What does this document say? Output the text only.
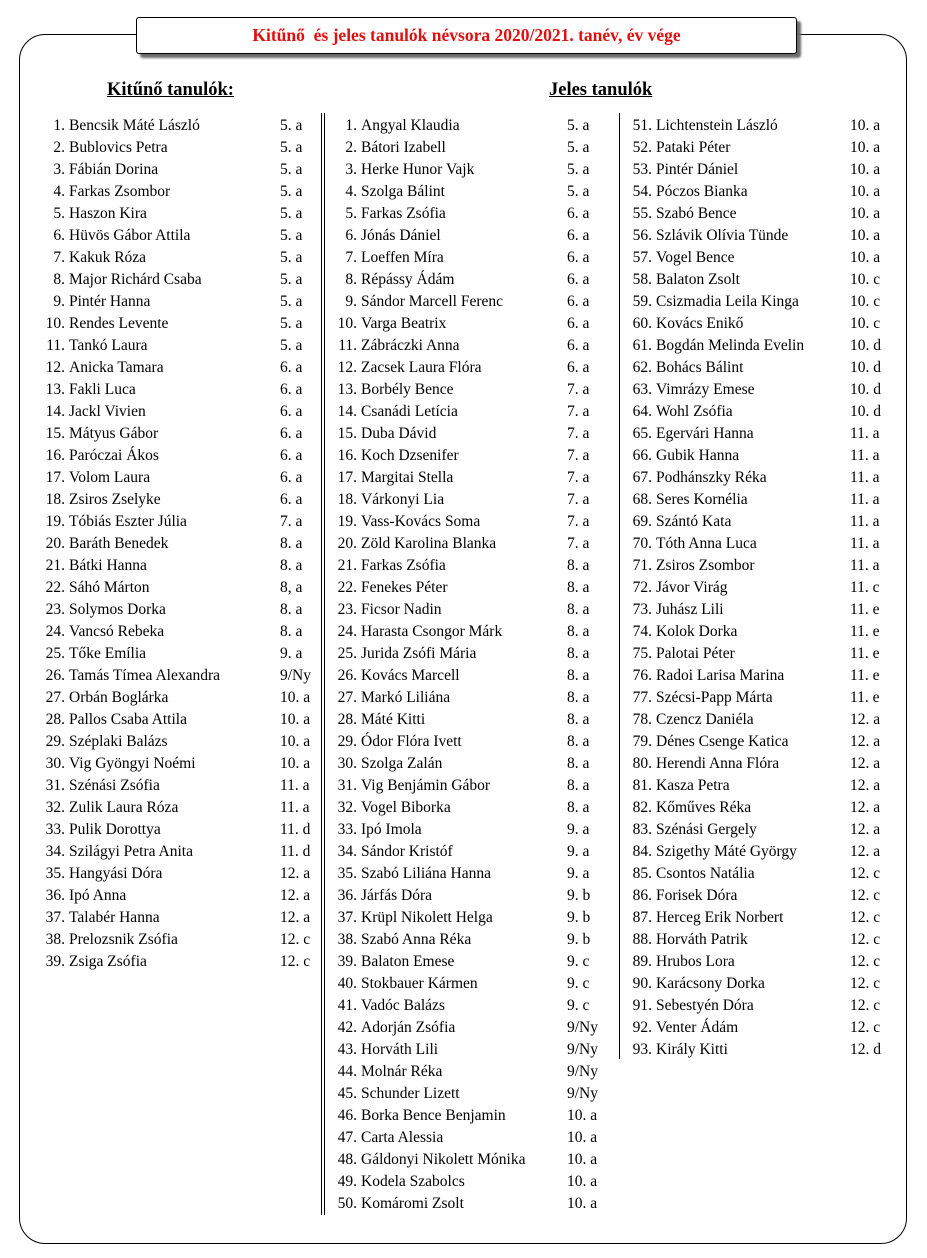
Kitűnő  és jeles tanulók névsora 2020/2021. tanév, év vége
Kitűnő tanulók:	Jeles tanulók
1. Bencsik Máté László	5. a
2. Bublovics Petra	5. a
3. Fábián Dorina	5. a
4. Farkas Zsombor	5. a
5. Haszon Kira	5. a
6. Hüvös Gábor Attila	5. a
7. Kakuk Róza	5. a
8. Major Richárd Csaba	5. a
9. Pintér Hanna	5. a
10. Rendes Levente	5. a
11. Tankó Laura	5. a
12. Anicka Tamara	6. a
13. Fakli Luca	6. a
14. Jackl Vivien	6. a
15. Mátyus Gábor	6. a
16. Paróczai Ákos	6. a
17. Volom Laura	6. a
18. Zsiros Zselyke	6. a
19. Tóbiás Eszter Júlia	7. a
20. Baráth Benedek	8. a
21. Bátki Hanna	8. a
22. Sáhó Márton	8, a
23. Solymos Dorka	8. a
24. Vancsó Rebeka	8. a
25. Tőke Emília	9. a
26. Tamás Tímea Alexandra	9/Ny
27. Orbán Boglárka	10. a
28. Pallos Csaba Attila	10. a
29. Széplaki Balázs	10. a
30. Vig Gyöngyi Noémi	10. a
31. Szénási Zsófia	11. a
32. Zulik Laura Róza	11. a
33. Pulik Dorottya	11. d
34. Szilágyi Petra Anita	11. d
35. Hangyási Dóra	12. a
36. Ipó Anna	12. a
37. Talabér Hanna	12. a
38. Prelozsnik Zsófia	12. c
39. Zsiga Zsófia	12. c
1. Angyal Klaudia	5. a
2. Bátori Izabell	5. a
3. Herke Hunor Vajk	5. a
4. Szolga Bálint	5. a
5. Farkas Zsófia	6. a
6. Jónás Dániel	6. a
7. Loeffen Míra	6. a
8. Répássy Ádám	6. a
9. Sándor Marcell Ferenc	6. a
10. Varga Beatrix	6. a
11. Zábráczki Anna	6. a
12. Zacsek Laura Flóra	6. a
13. Borbély Bence	7. a
14. Csanádi Letícia	7. a
15. Duba Dávid	7. a
16. Koch Dzsenifer	7. a
17. Margitai Stella	7. a
18. Várkonyi Lia	7. a
19. Vass-Kovács Soma	7. a
20. Zöld Karolina Blanka	7. a
21. Farkas Zsófia	8. a
22. Fenekes Péter	8. a
23. Ficsor Nadin	8. a
24. Harasta Csongor Márk	8. a
25. Jurida Zsófi Mária	8. a
26. Kovács Marcell	8. a
27. Markó Liliána	8. a
28. Máté Kitti	8. a
29. Ódor Flóra Ivett	8. a
30. Szolga Zalán	8. a
31. Vig Benjámin Gábor	8. a
32. Vogel Biborka	8. a
33. Ipó Imola	9. a
34. Sándor Kristóf	9. a
35. Szabó Liliána Hanna	9. a
36. Járfás Dóra	9. b
37. Krüpl Nikolett Helga	9. b
38. Szabó Anna Réka	9. b
39. Balaton Emese	9. c
40. Stokbauer Kármen	9. c
41. Vadóc Balázs	9. c
42. Adorján Zsófia	9/Ny
43. Horváth Lili	9/Ny
44. Molnár Réka	9/Ny
45. Schunder Lizett	9/Ny
46. Borka Bence Benjamin	10. a
47. Carta Alessia	10. a
48. Gáldonyi Nikolett Mónika	10. a
49. Kodela Szabolcs	10. a
50. Komáromi Zsolt	10. a
51. Lichtenstein László	10. a
52. Pataki Péter	10. a
53. Pintér Dániel	10. a
54. Póczos Bianka	10. a
55. Szabó Bence	10. a
56. Szlávik Olívia Tünde	10. a
57. Vogel Bence	10. a
58. Balaton Zsolt	10. c
59. Csizmadia Leila Kinga	10. c
60. Kovács Enikő	10. c
61. Bogdán Melinda Evelin	10. d
62. Bohács Bálint	10. d
63. Vimrázy Emese	10. d
64. Wohl Zsófia	10. d
65. Egervári Hanna	11. a
66. Gubik Hanna	11. a
67. Podhánszky Réka	11. a
68. Seres Kornélia	11. a
69. Szántó Kata	11. a
70. Tóth Anna Luca	11. a
71. Zsiros Zsombor	11. a
72. Jávor Virág	11. c
73. Juhász Lili	11. e
74. Kolok Dorka	11. e
75. Palotai Péter	11. e
76. Radoi Larisa Marina	11. e
77. Szécsi-Papp Márta	11. e
78. Czencz Daniéla	12. a
79. Dénes Csenge Katica	12. a
80. Herendi Anna Flóra	12. a
81. Kasza Petra	12. a
82. Kőműves Réka	12. a
83. Szénási Gergely	12. a
84. Szigethy Máté György	12. a
85. Csontos Natália	12. c
86. Forisek Dóra	12. c
87. Herceg Erik Norbert	12. c
88. Horváth Patrik	12. c
89. Hrubos Lora	12. c
90. Karácsony Dorka	12. c
91. Sebestyén Dóra	12. c
92. Venter Ádám	12. c
93. Király Kitti	12. d
